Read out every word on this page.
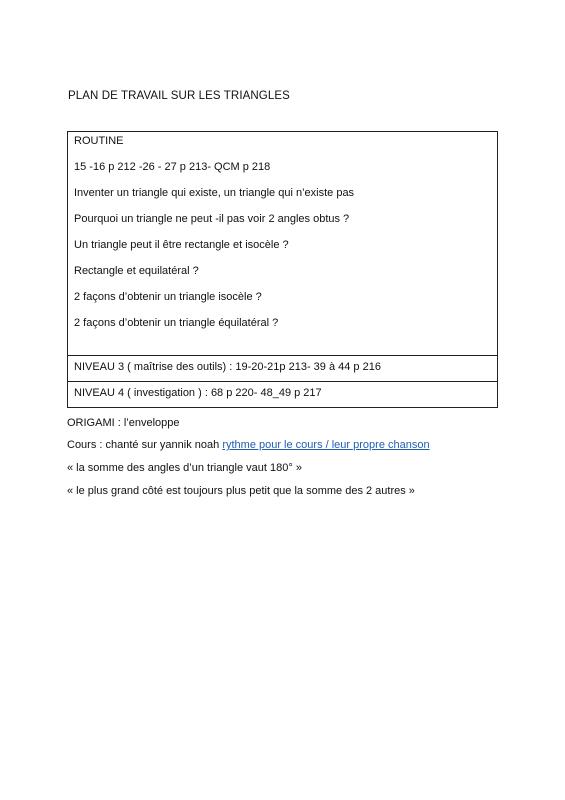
PLAN DE TRAVAIL SUR LES TRIANGLES
ROUTINE
15 -16 p 212 -26 - 27 p 213- QCM p 218
Inventer un triangle qui existe, un triangle qui n’existe pas
Pourquoi un triangle ne peut -il pas voir 2 angles obtus ?
Un triangle peut il être rectangle et isocèle ?
Rectangle et equilatéral ?
2 façons d’obtenir un triangle isocèle ?
2 façons d’obtenir un triangle équilatéral ?
NIVEAU 3 ( maîtrise des outils) : 19-20-21p 213- 39 à 44 p 216
NIVEAU 4 ( investigation ) : 68 p 220- 48_49 p 217
ORIGAMI : l’enveloppe
Cours : chanté sur yannik noah rythme pour le cours / leur propre chanson
« la somme des angles d’un triangle vaut 180° »
« le plus grand côté est toujours plus petit que la somme des 2 autres »
